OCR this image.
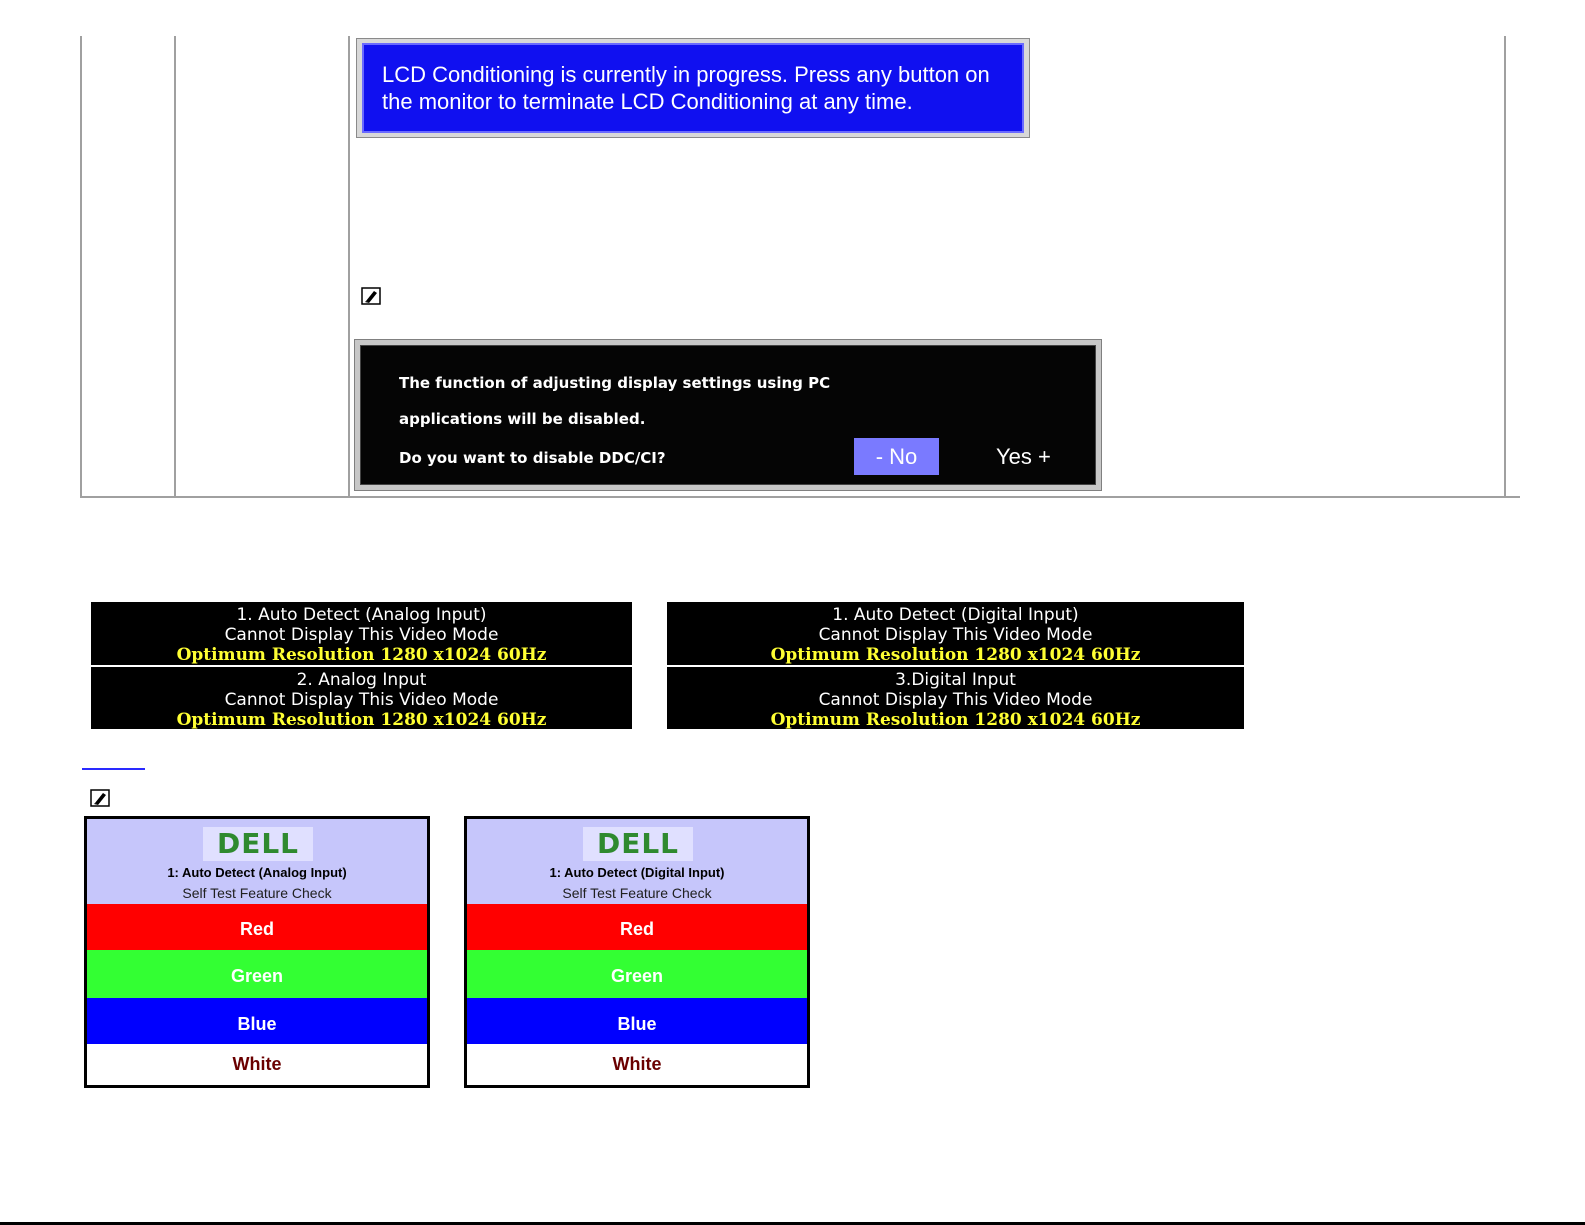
LCD Conditioning is currently in progress. Press any button on
the monitor to terminate LCD Conditioning at any time.
The function of adjusting display settings using PC
applications will be disabled.
Do you want to disable DDC/CI?	- No	Yes +
1. Auto Detect (Analog Input)
Cannot Display This Video Mode
Optimum Resolution 1280 x1024 60Hz
1. Auto Detect (Digital Input)
Cannot Display This Video Mode
Optimum Resolution 1280 x1024 60Hz
2. Analog Input
Cannot Display This Video Mode
Optimum Resolution 1280 x1024 60Hz
3.Digital Input
Cannot Display This Video Mode
Optimum Resolution 1280 x1024 60Hz
DELL
1: Auto Detect (Analog Input)
Self Test Feature Check
Red
Green
Blue
White
DELL
1: Auto Detect (Digital Input)
Self Test Feature Check
Red
Green
Blue
White
